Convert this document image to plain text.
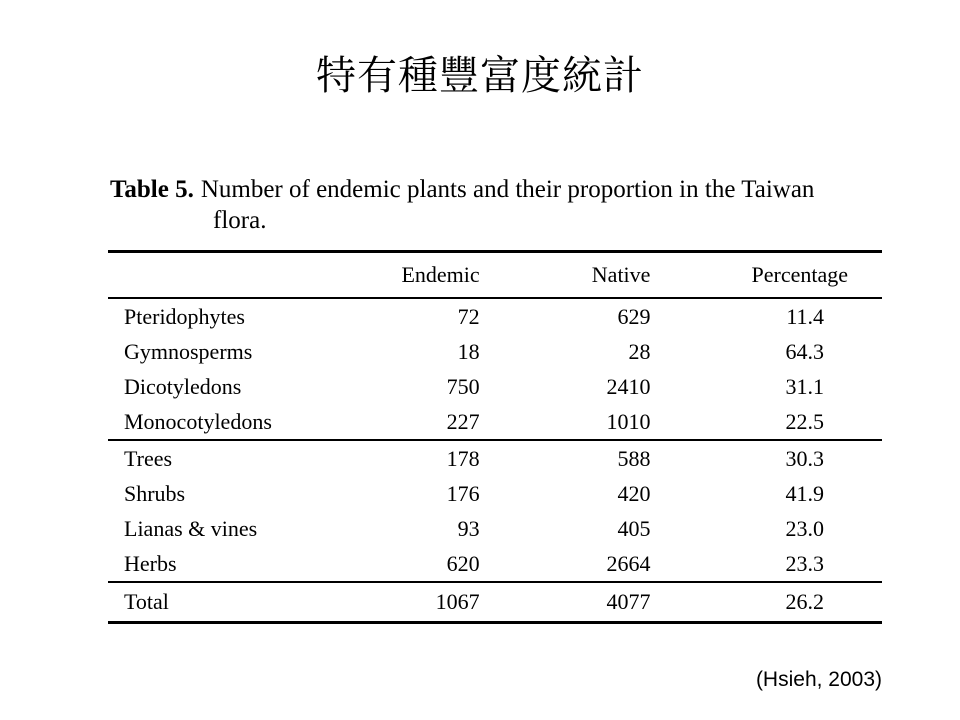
特有種豐富度統計
Table 5. Number of endemic plants and their proportion in the Taiwan
flora.
	Endemic	Native	Percentage
Pteridophytes	72	629	11.4
Gymnosperms	18	28	64.3
Dicotyledons	750	2410	31.1
Monocotyledons	227	1010	22.5
Trees	178	588	30.3
Shrubs	176	420	41.9
Lianas & vines	93	405	23.0
Herbs	620	2664	23.3
Total	1067	4077	26.2
(Hsieh, 2003)
